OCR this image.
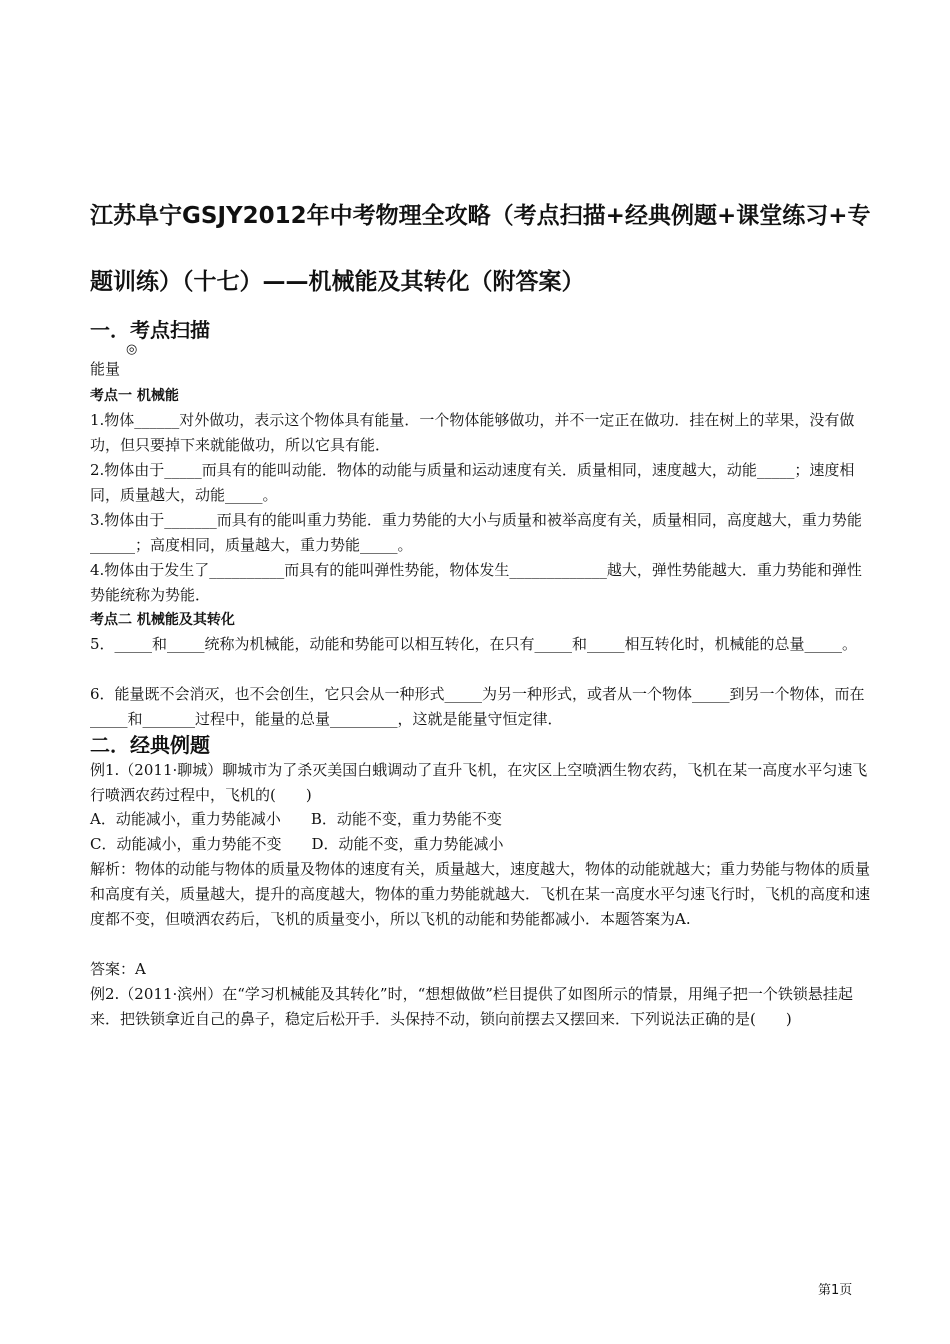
江苏阜宁GSJY2012年中考物理全攻略（考点扫描+经典例题+课堂练习+专题训练）（十七）——机械能及其转化（附答案）
一．考点扫描
◎

能量

考点一 机械能

1.物体______对外做功，表示这个物体具有能量．一个物体能够做功，并不一定正在做功．挂在树上的苹果，没有做功，但只要掉下来就能做功，所以它具有能．

2.物体由于_____而具有的能叫动能．物体的动能与质量和运动速度有关．质量相同，速度越大，动能_____；速度相同，质量越大，动能_____。

3.物体由于_______而具有的能叫重力势能．重力势能的大小与质量和被举高度有关，质量相同，高度越大，重力势能______；高度相同，质量越大，重力势能_____。

4.物体由于发生了__________而具有的能叫弹性势能，物体发生_____________越大，弹性势能越大．重力势能和弹性势能统称为势能．

考点二 机械能及其转化

5．_____和_____统称为机械能，动能和势能可以相互转化，在只有_____和_____相互转化时，机械能的总量_____。

6．能量既不会消灭，也不会创生，它只会从一种形式_____为另一种形式，或者从一个物体_____到另一个物体，而在_____和_______过程中，能量的总量_________，这就是能量守恒定律．

二．经典例题

例1.（2011·聊城）聊城市为了杀灭美国白蛾调动了直升飞机，在灾区上空喷洒生物农药，飞机在某一高度水平匀速飞行喷洒农药过程中，飞机的(　　)

A．动能减小，重力势能减小　　B．动能不变，重力势能不变

C．动能减小，重力势能不变　　D．动能不变，重力势能减小

解析：物体的动能与物体的质量及物体的速度有关，质量越大，速度越大，物体的动能就越大；重力势能与物体的质量和高度有关，质量越大，提升的高度越大，物体的重力势能就越大．飞机在某一高度水平匀速飞行时，飞机的高度和速度都不变，但喷洒农药后，飞机的质量变小，所以飞机的动能和势能都减小．本题答案为A.

答案：A

例2.（2011·滨州）在“学习机械能及其转化”时，“想想做做”栏目提供了如图所示的情景，用绳子把一个铁锁悬挂起来．把铁锁拿近自己的鼻子，稳定后松开手．头保持不动，锁向前摆去又摆回来．下列说法正确的是(　　)

第1页
